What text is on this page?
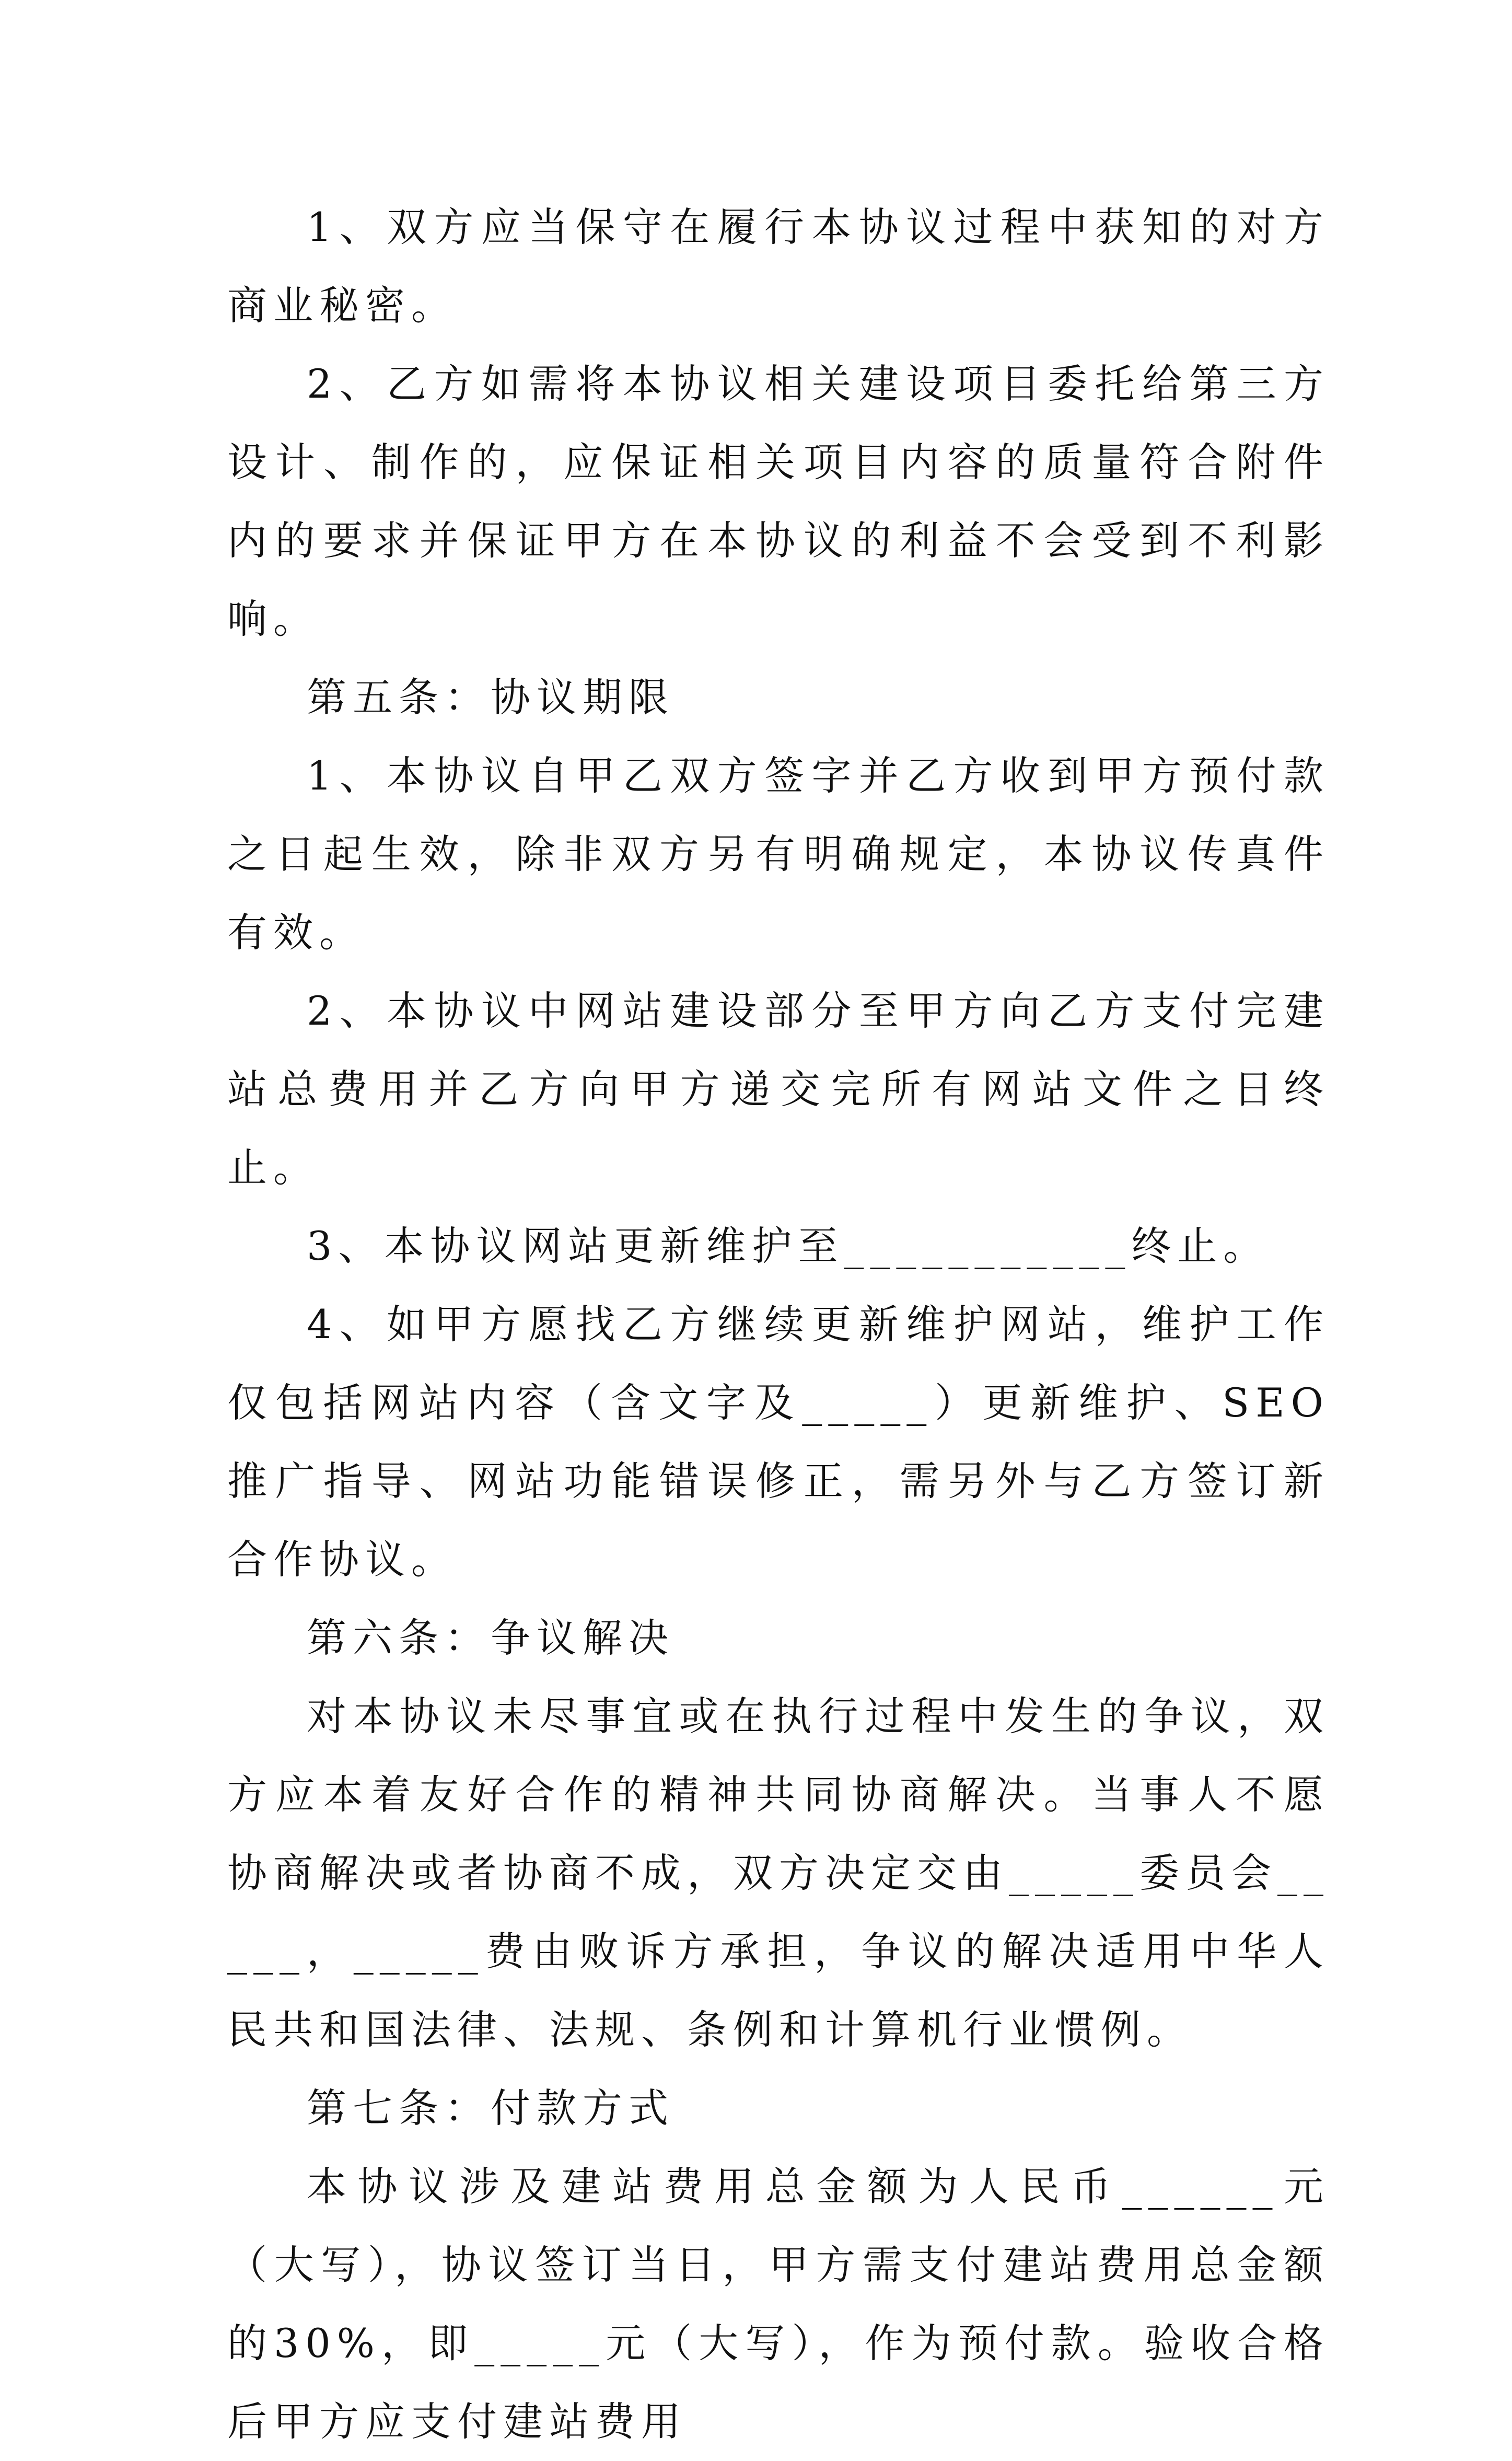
1、双方应当保守在履行本协议过程中获知的对方商业秘密。

2、乙方如需将本协议相关建设项目委托给第三方设计、制作的，应保证相关项目内容的质量符合附件内的要求并保证甲方在本协议的利益不会受到不利影响。

第五条：协议期限

1、本协议自甲乙双方签字并乙方收到甲方预付款之日起生效，除非双方另有明确规定，本协议传真件有效。

2、本协议中网站建设部分至甲方向乙方支付完建站总费用并乙方向甲方递交完所有网站文件之日终止。

3、本协议网站更新维护至___________终止。

4、如甲方愿找乙方继续更新维护网站，维护工作仅包括网站内容（含文字及_____）更新维护、SEO推广指导、网站功能错误修正，需另外与乙方签订新合作协议。

第六条：争议解决

对本协议未尽事宜或在执行过程中发生的争议，双方应本着友好合作的精神共同协商解决。当事人不愿协商解决或者协商不成，双方决定交由_____委员会_____，_____费由败诉方承担，争议的解决适用中华人民共和国法律、法规、条例和计算机行业惯例。

第七条：付款方式

本协议涉及建站费用总金额为人民币______元（大写），协议签订当日，甲方需支付建站费用总金额的30%，即_____元（大写），作为预付款。验收合格后甲方应支付建站费用
